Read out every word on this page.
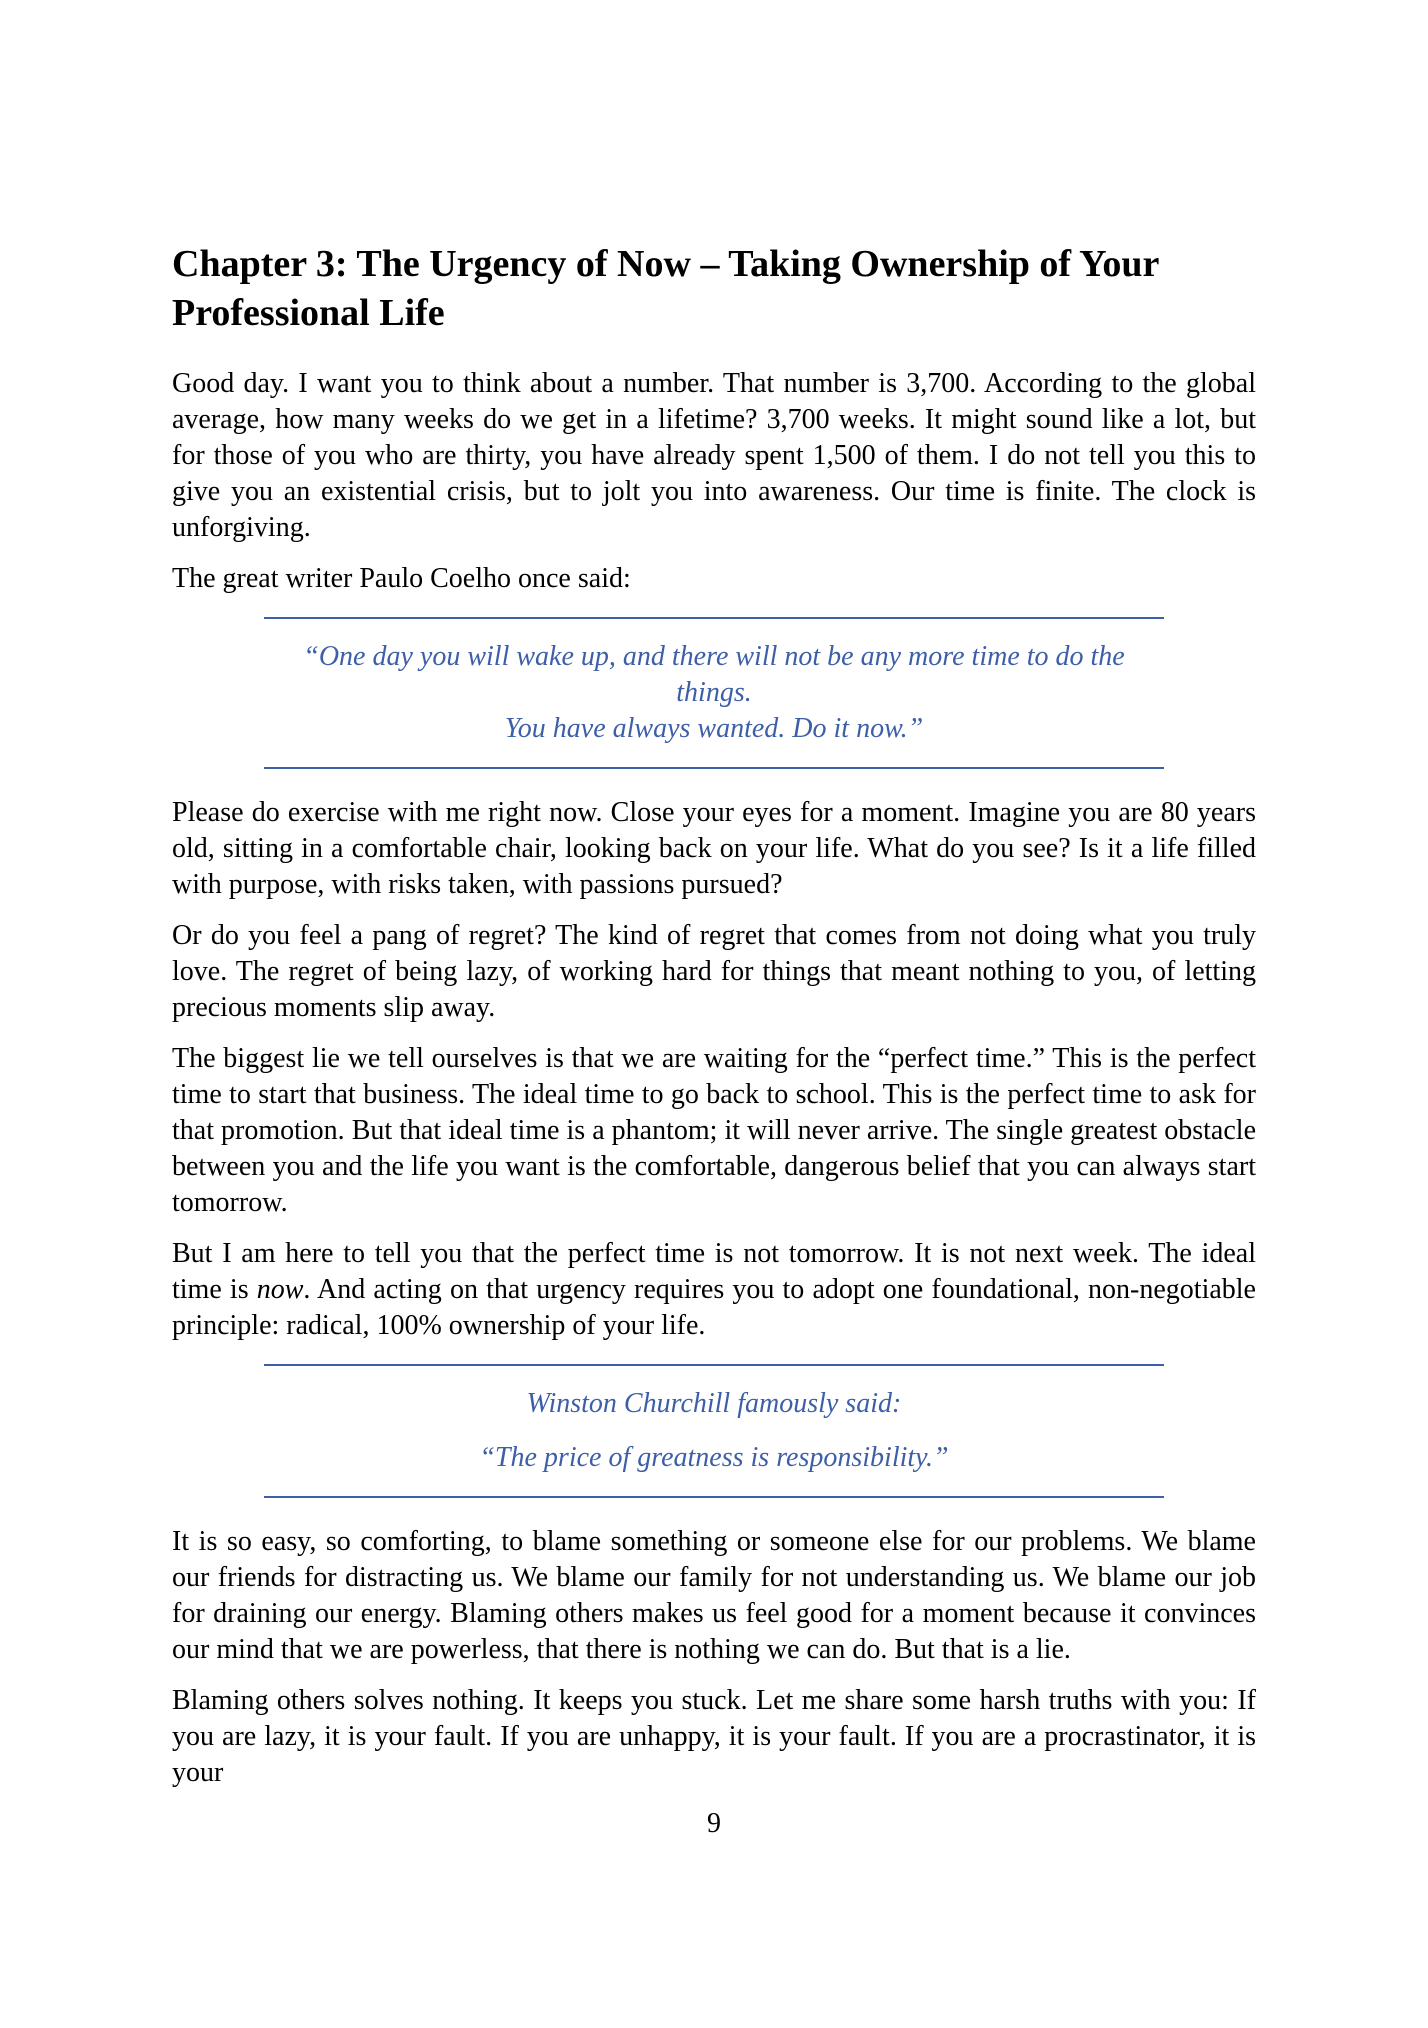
Chapter 3: The Urgency of Now – Taking Ownership of Your Professional Life

Good day. I want you to think about a number. That number is 3,700. According to the global average, how many weeks do we get in a lifetime? 3,700 weeks. It might sound like a lot, but for those of you who are thirty, you have already spent 1,500 of them. I do not tell you this to give you an existential crisis, but to jolt you into awareness. Our time is finite. The clock is unforgiving.

The great writer Paulo Coelho once said:

“One day you will wake up, and there will not be any more time to do the things.
You have always wanted. Do it now.”

Please do exercise with me right now. Close your eyes for a moment. Imagine you are 80 years old, sitting in a comfortable chair, looking back on your life. What do you see? Is it a life filled with purpose, with risks taken, with passions pursued?

Or do you feel a pang of regret? The kind of regret that comes from not doing what you truly love. The regret of being lazy, of working hard for things that meant nothing to you, of letting precious moments slip away.

The biggest lie we tell ourselves is that we are waiting for the “perfect time.” This is the perfect time to start that business. The ideal time to go back to school. This is the perfect time to ask for that promotion. But that ideal time is a phantom; it will never arrive. The single greatest obstacle between you and the life you want is the comfortable, dangerous belief that you can always start tomorrow.

But I am here to tell you that the perfect time is not tomorrow. It is not next week. The ideal time is now. And acting on that urgency requires you to adopt one foundational, non-negotiable principle: radical, 100% ownership of your life.

Winston Churchill famously said:
“The price of greatness is responsibility.”

It is so easy, so comforting, to blame something or someone else for our problems. We blame our friends for distracting us. We blame our family for not understanding us. We blame our job for draining our energy. Blaming others makes us feel good for a moment because it convinces our mind that we are powerless, that there is nothing we can do. But that is a lie.

Blaming others solves nothing. It keeps you stuck. Let me share some harsh truths with you: If you are lazy, it is your fault. If you are unhappy, it is your fault. If you are a procrastinator, it is your

9
